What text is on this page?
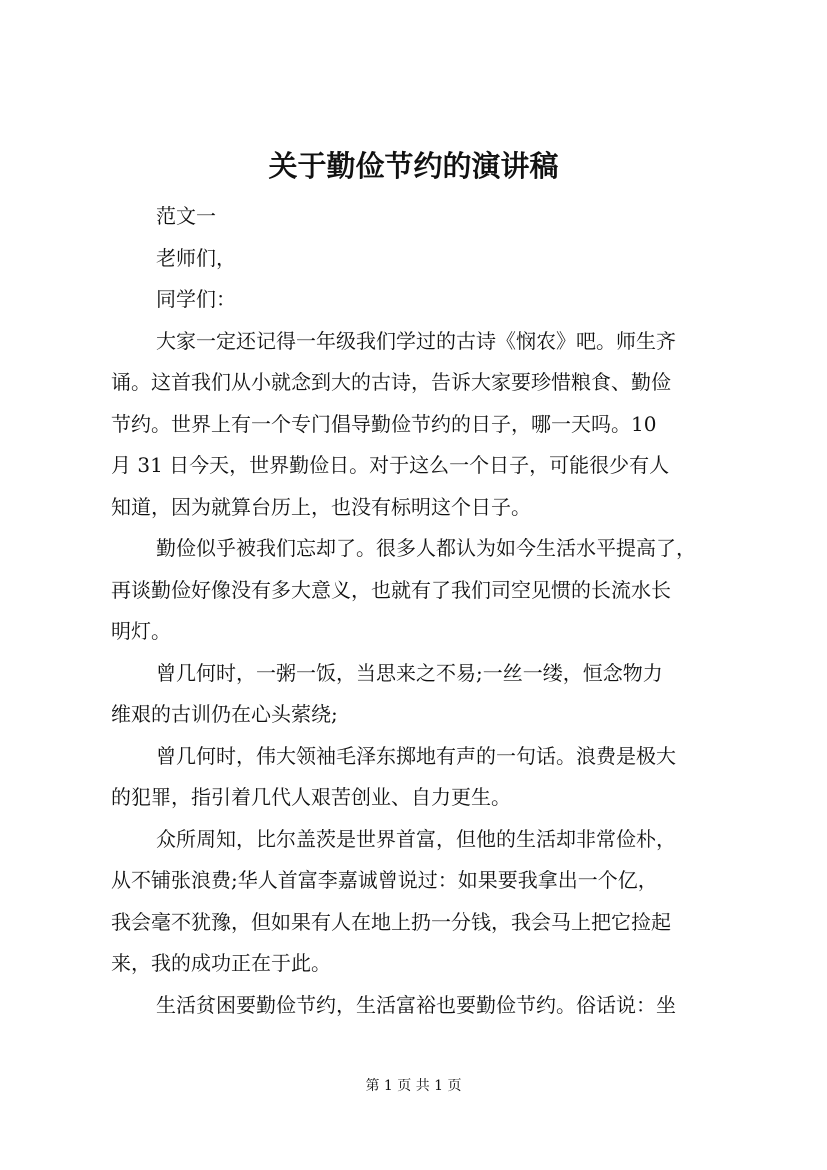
关于勤俭节约的演讲稿
范文一
老师们，
同学们：
大家一定还记得一年级我们学过的古诗《悯农》吧。师生齐
诵。这首我们从小就念到大的古诗，告诉大家要珍惜粮食、勤俭
节约。世界上有一个专门倡导勤俭节约的日子，哪一天吗。10
月 31 日今天，世界勤俭日。对于这么一个日子，可能很少有人
知道，因为就算台历上，也没有标明这个日子。
勤俭似乎被我们忘却了。很多人都认为如今生活水平提高了，
再谈勤俭好像没有多大意义，也就有了我们司空见惯的长流水长
明灯。
曾几何时，一粥一饭，当思来之不易;一丝一缕，恒念物力
维艰的古训仍在心头萦绕;
曾几何时，伟大领袖毛泽东掷地有声的一句话。浪费是极大
的犯罪，指引着几代人艰苦创业、自力更生。
众所周知，比尔盖茨是世界首富，但他的生活却非常俭朴，
从不铺张浪费;华人首富李嘉诚曾说过：如果要我拿出一个亿，
我会毫不犹豫，但如果有人在地上扔一分钱，我会马上把它捡起
来，我的成功正在于此。
生活贫困要勤俭节约，生活富裕也要勤俭节约。俗话说：坐
第 1 页 共 1 页
